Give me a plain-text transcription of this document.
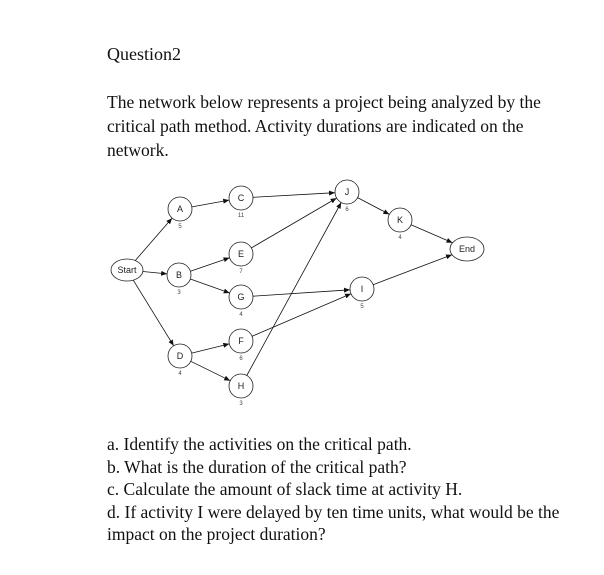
Question2

The network below represents a project being analyzed by the critical path method. Activity durations are indicated on the network.

Start
A
5
B
3
D
4
C
11
E
7
G
4
F
6
H
3
J
6
K
4
I
5
End
a. Identify the activities on the critical path.
b. What is the duration of the critical path?
c. Calculate the amount of slack time at activity H.
d. If activity I were delayed by ten time units, what would be the impact on the project duration?
